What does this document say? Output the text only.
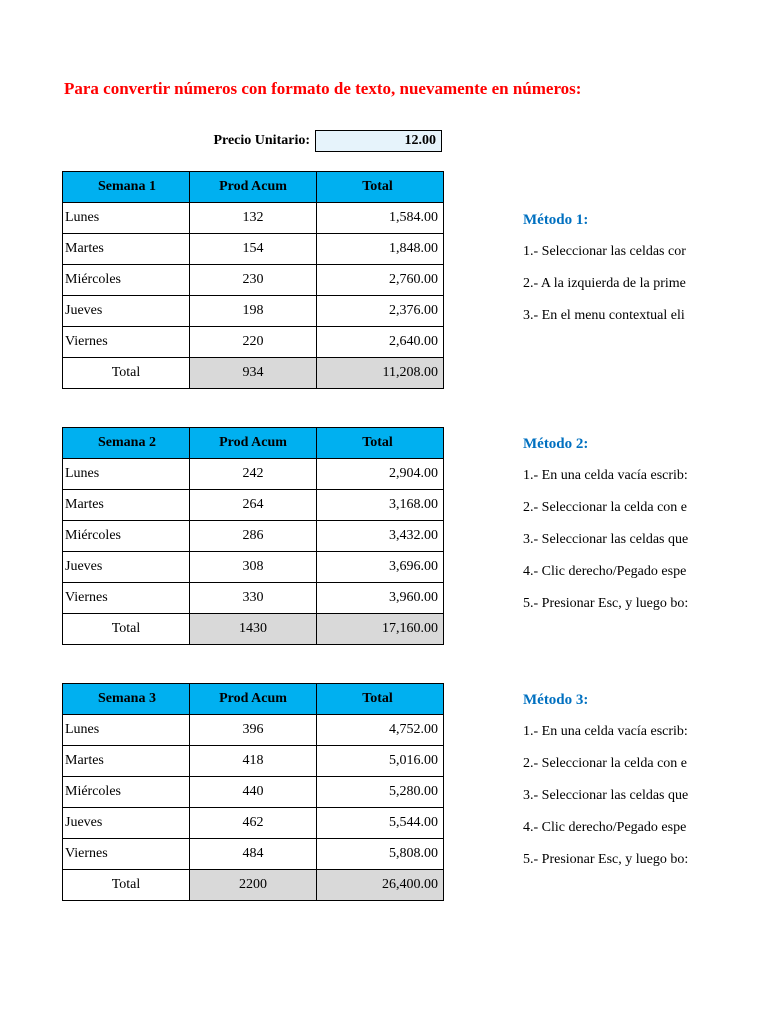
Para convertir números con formato de texto, nuevamente en números:
Precio Unitario:	12.00
Semana 1	Prod Acum	Total
Lunes	132	1,584.00
Martes	154	1,848.00
Miércoles	230	2,760.00
Jueves	198	2,376.00
Viernes	220	2,640.00
Total	934	11,208.00
Semana 2	Prod Acum	Total
Lunes	242	2,904.00
Martes	264	3,168.00
Miércoles	286	3,432.00
Jueves	308	3,696.00
Viernes	330	3,960.00
Total	1430	17,160.00
Semana 3	Prod Acum	Total
Lunes	396	4,752.00
Martes	418	5,016.00
Miércoles	440	5,280.00
Jueves	462	5,544.00
Viernes	484	5,808.00
Total	2200	26,400.00
Método 1:
1.- Seleccionar las celdas cor
2.- A la izquierda de la prime
3.- En el menu contextual eli
Método 2:
1.- En una celda vacía escrib:
2.- Seleccionar la celda con e
3.- Seleccionar las celdas que
4.- Clic derecho/Pegado espe
5.- Presionar Esc, y luego bo:
Método 3:
1.- En una celda vacía escrib:
2.- Seleccionar la celda con e
3.- Seleccionar las celdas que
4.- Clic derecho/Pegado espe
5.- Presionar Esc, y luego bo:
